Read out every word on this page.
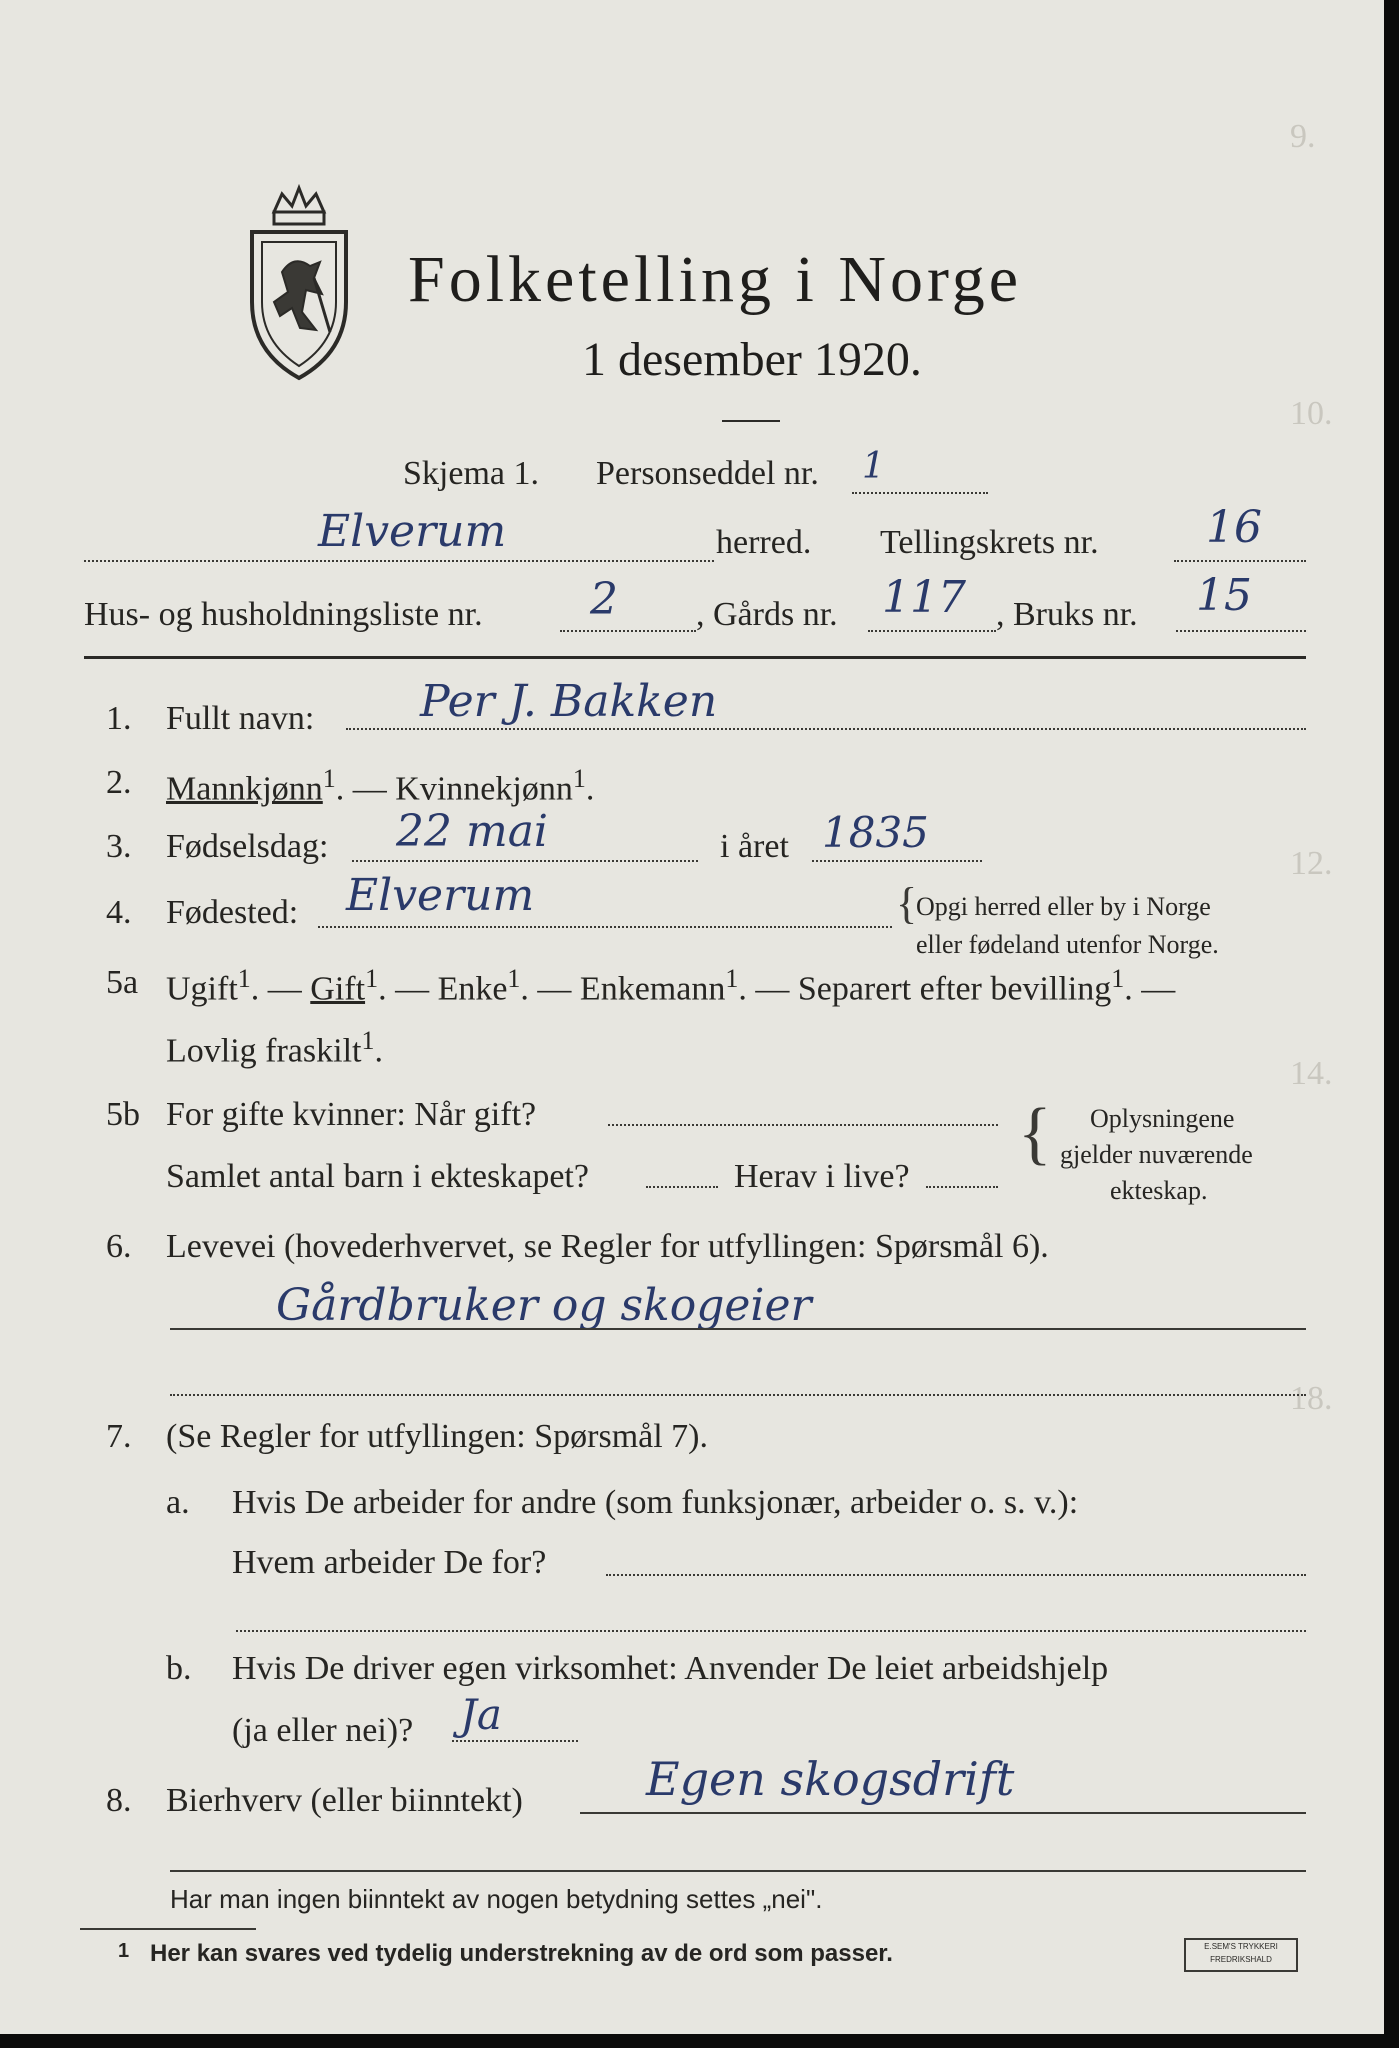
9.
10.
12.
14.
18.
Folketelling i Norge
1 desember 1920.
Skjema 1. Personseddel nr. 1
Elverum	herred. Tellingskrets nr. 16
Hus- og husholdningsliste nr. 2 , Gårds nr. 117 , Bruks nr. 15
1. Fullt navn: Per J. Bakken
2. Mannkjønn$^1$. — Kvinnekjønn$^1$.
3. Fødselsdag: 22 mai	i året 1835
4. Fødested: Elverum	{
Opgi herred eller by i Norge
eller fødeland utenfor Norge.
5a Ugift$^1$. — Gift$^1$. — Enke$^1$. — Enkemann$^1$. — Separert efter bevilling$^1$. —
Lovlig fraskilt$^1$.
5b For gifte kvinner: Når gift?
Samlet antal barn i ekteskapet?	Herav i live?
{ Oplysningene
gjelder nuværende
ekteskap.
6. Levevei (hovederhvervet, se Regler for utfyllingen: Spørsmål 6).
Gårdbruker og skogeier
7. (Se Regler for utfyllingen: Spørsmål 7).
a. Hvis De arbeider for andre (som funksjonær, arbeider o. s. v.):
Hvem arbeider De for?
b. Hvis De driver egen virksomhet: Anvender De leiet arbeidshjelp
(ja eller nei)? Ja
8. Bierhverv (eller biinntekt)	Egen skogsdrift
Har man ingen biinntekt av nogen betydning settes „nei".
1 Her kan svares ved tydelig understrekning av de ord som passer.	E.SEM'S TRYKKERI
FREDRIKSHALD
